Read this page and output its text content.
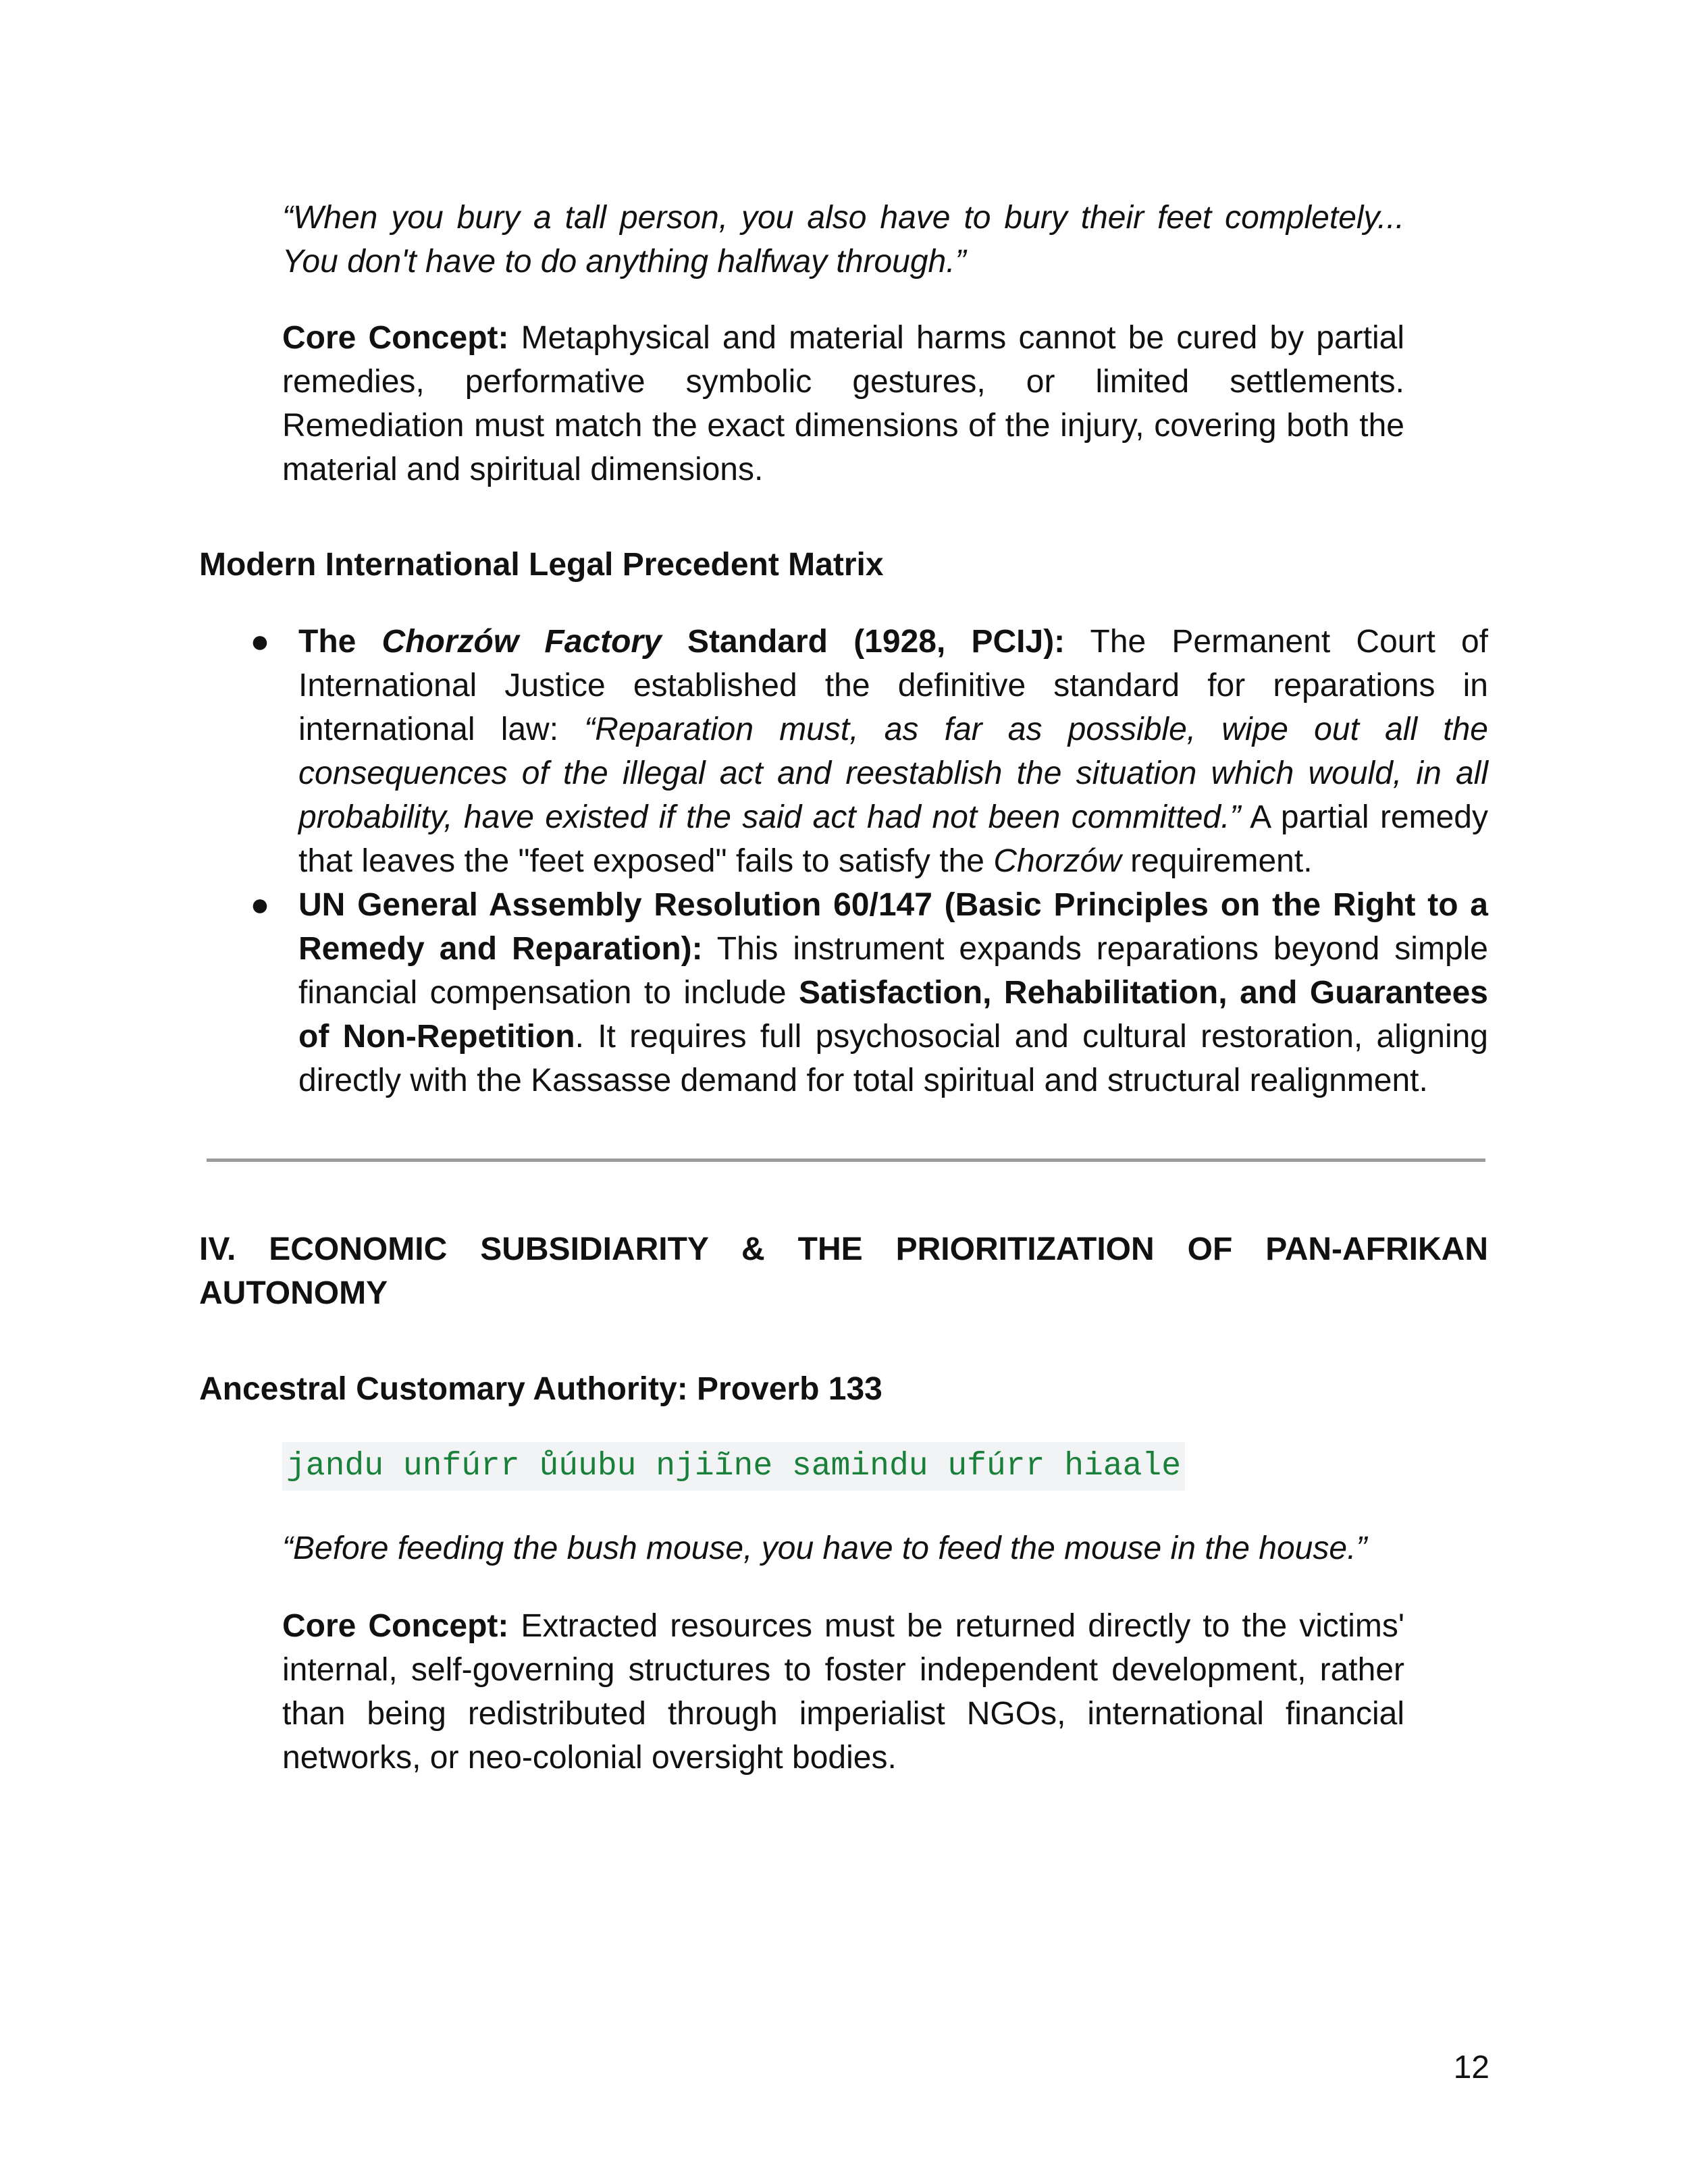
“When you bury a tall person, you also have to bury their feet completely...
You don't have to do anything halfway through.”

Core Concept: Metaphysical and material harms cannot be cured by partial remedies, performative symbolic gestures, or limited settlements. Remediation must match the exact dimensions of the injury, covering both the material and spiritual dimensions.

Modern International Legal Precedent Matrix
● The Chorzów Factory Standard (1928, PCIJ): The Permanent Court of International Justice established the definitive standard for reparations in international law: “Reparation must, as far as possible, wipe out all the consequences of the illegal act and reestablish the situation which would, in all probability, have existed if the said act had not been committed.” A partial remedy that leaves the "feet exposed" fails to satisfy the Chorzów requirement.
● UN General Assembly Resolution 60/147 (Basic Principles on the Right to a Remedy and Reparation): This instrument expands reparations beyond simple financial compensation to include Satisfaction, Rehabilitation, and Guarantees of Non-Repetition. It requires full psychosocial and cultural restoration, aligning directly with the Kassasse demand for total spiritual and structural realignment.
IV. ECONOMIC SUBSIDIARITY & THE PRIORITIZATION OF PAN-AFRIKAN
AUTONOMY
Ancestral Customary Authority: Proverb 133
jandu unfúrr ůúubu njiĩne samindu ufúrr hiaale
“Before feeding the bush mouse, you have to feed the mouse in the house.”

Core Concept: Extracted resources must be returned directly to the victims' internal, self-governing structures to foster independent development, rather than being redistributed through imperialist NGOs, international financial networks, or neo-colonial oversight bodies.

12
